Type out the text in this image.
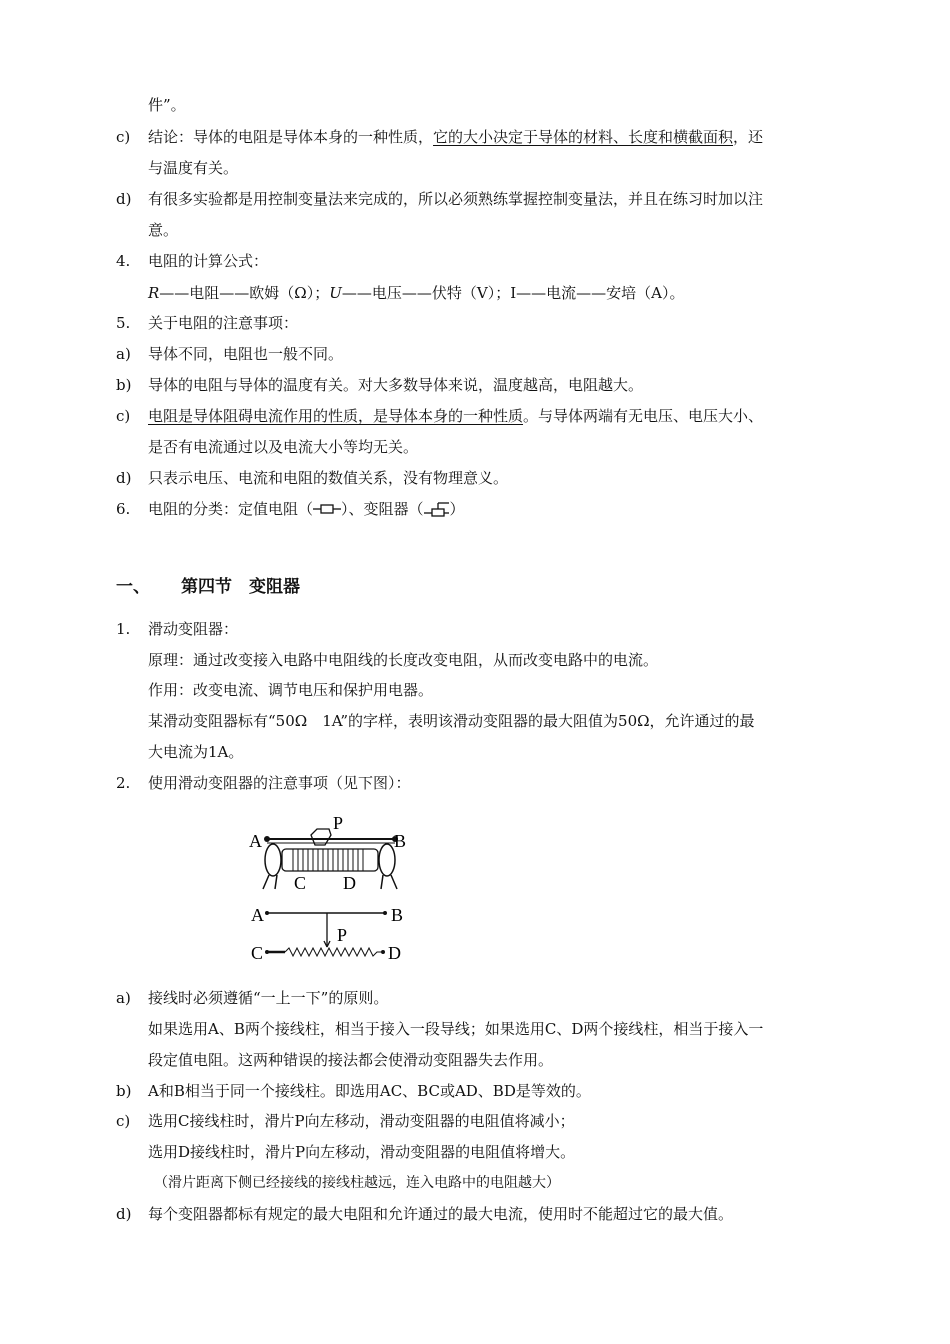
件”。
c) 结论：导体的电阻是导体本身的一种性质，它的大小决定于导体的材料、长度和横截面积，还
与温度有关。
d) 有很多实验都是用控制变量法来完成的，所以必须熟练掌握控制变量法，并且在练习时加以注
意。
4. 电阻的计算公式：
R——电阻——欧姆（Ω）；U——电压——伏特（V）；I——电流——安培（A）。
5. 关于电阻的注意事项：
a) 导体不同，电阻也一般不同。
b) 导体的电阻与导体的温度有关。对大多数导体来说，温度越高，电阻越大。
c) 电阻是导体阻碍电流作用的性质，是导体本身的一种性质。与导体两端有无电压、电压大小、
是否有电流通过以及电流大小等均无关。
d) 只表示电压、电流和电阻的数值关系，没有物理意义。
6. 电阻的分类：定值电阻（ ）、变阻器（ ）
一、 第四节　变阻器
1. 滑动变阻器：
原理：通过改变接入电路中电阻线的长度改变电阻，从而改变电路中的电流。
作用：改变电流、调节电压和保护用电器。
某滑动变阻器标有“50Ω　1A”的字样，表明该滑动变阻器的最大阻值为50Ω，允许通过的最
大电流为1A。
2. 使用滑动变阻器的注意事项（见下图）：
A	B
P
C D
A	B
P
C	D
a) 接线时必须遵循“一上一下”的原则。
如果选用A、B两个接线柱，相当于接入一段导线；如果选用C、D两个接线柱，相当于接入一
段定值电阻。这两种错误的接法都会使滑动变阻器失去作用。
b) A和B相当于同一个接线柱。即选用AC、BC或AD、BD是等效的。
c) 选用C接线柱时，滑片P向左移动，滑动变阻器的电阻值将减小；
选用D接线柱时，滑片P向左移动，滑动变阻器的电阻值将增大。
（滑片距离下侧已经接线的接线柱越远，连入电路中的电阻越大）
d) 每个变阻器都标有规定的最大电阻和允许通过的最大电流，使用时不能超过它的最大值。
